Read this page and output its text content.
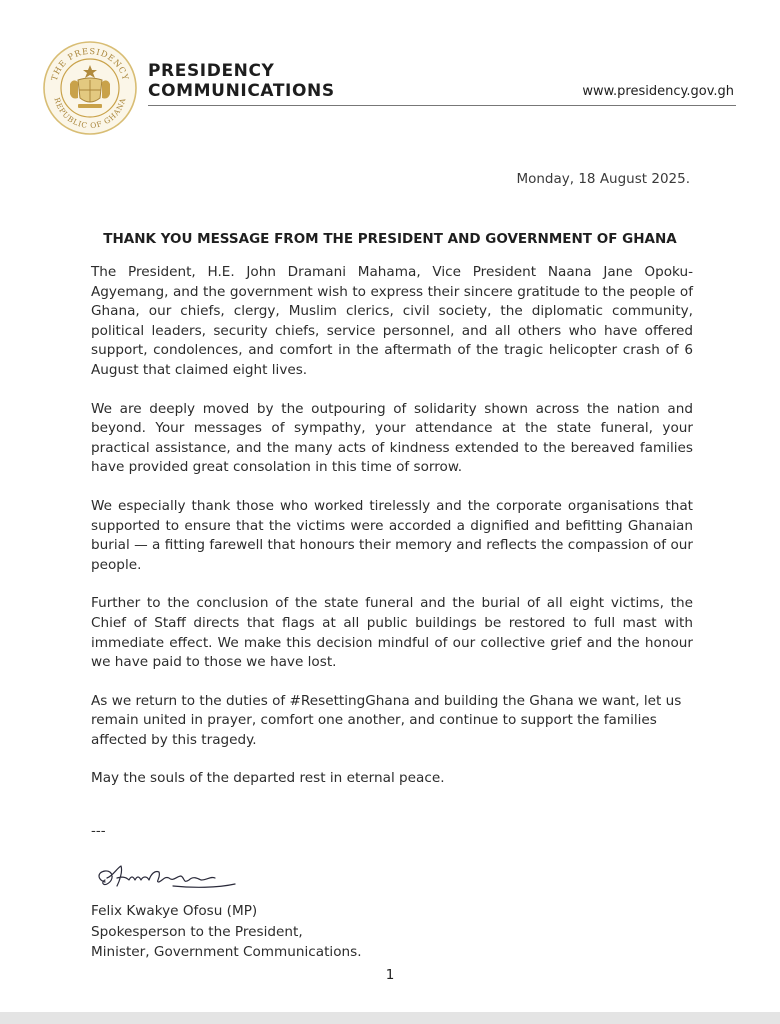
THE PRESIDENCY
REPUBLIC OF GHANA
PRESIDENCY
COMMUNICATIONS	www.presidency.gov.gh
Monday, 18 August 2025.
THANK YOU MESSAGE FROM THE PRESIDENT AND GOVERNMENT OF GHANA

The President, H.E. John Dramani Mahama, Vice President Naana Jane Opoku-Agyemang, and the government wish to express their sincere gratitude to the people of Ghana, our chiefs, clergy, Muslim clerics, civil society, the diplomatic community, political leaders, security chiefs, service personnel, and all others who have offered support, condolences, and comfort in the aftermath of the tragic helicopter crash of 6 August that claimed eight lives.

We are deeply moved by the outpouring of solidarity shown across the nation and beyond. Your messages of sympathy, your attendance at the state funeral, your practical assistance, and the many acts of kindness extended to the bereaved families have provided great consolation in this time of sorrow.

We especially thank those who worked tirelessly and the corporate organisations that supported to ensure that the victims were accorded a dignified and befitting Ghanaian burial — a fitting farewell that honours their memory and reflects the compassion of our people.

Further to the conclusion of the state funeral and the burial of all eight victims, the Chief of Staff directs that flags at all public buildings be restored to full mast with immediate effect. We make this decision mindful of our collective grief and the honour we have paid to those we have lost.

As we return to the duties of #ResettingGhana and building the Ghana we want, let us remain united in prayer, comfort one another, and continue to support the families affected by this tragedy.

May the souls of the departed rest in eternal peace.

---
Felix Kwakye Ofosu (MP)
Spokesperson to the President,
Minister, Government Communications.
1
